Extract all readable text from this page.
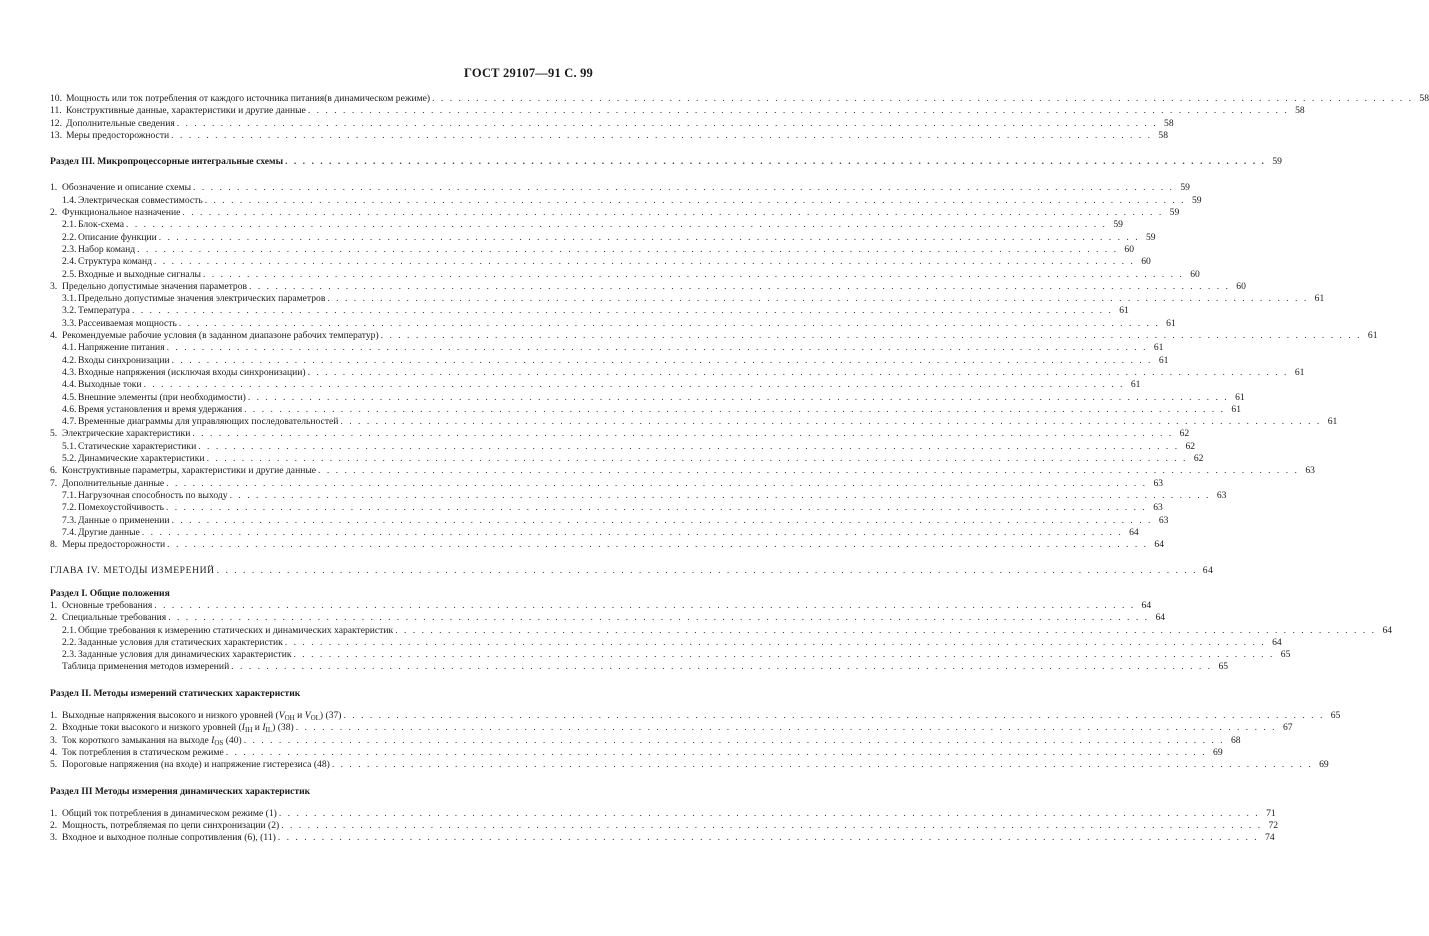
ГОСТ 29107—91 С. 99
10. Мощность или ток потребления от каждого источника питания(в динамическом режиме) . . .	58
11. Конструктивные данные, характеристики и другие данные . . .	58
12. Дополнительные сведения . . .	58
13. Меры предосторожности . . .	58
Раздел III. Микропроцессорные интегральные схемы . . .	59
1. Обозначение и описание схемы . . .	59
1.4. Электрическая совместимость . . .	59
2. Функциональное назначение . . .	59
2.1. Блок-схема . . .	59
2.2. Описание функции . . .	59
2.3. Набор команд . . .	60
2.4. Структура команд . . .	60
2.5. Входные и выходные сигналы . . .	60
3. Предельно допустимые значения параметров . . .	60
3.1. Предельно допустимые значения электрических параметров . . .	61
3.2. Температура . . .	61
3.3. Рассеиваемая мощность . . .	61
4. Рекомендуемые рабочие условия (в заданном диапазоне рабочих температур) . . .	61
4.1. Напряжение питания . . .	61
4.2. Входы синхронизации . . .	61
4.3. Входные напряжения (исключая входы синхронизации) . . .	61
4.4. Выходные токи . . .	61
4.5. Внешние элементы (при необходимости) . . .	61
4.6. Время установления и время удержания . . .	61
4.7. Временные диаграммы для управляющих последовательностей . . .	61
5. Электрические характеристики . . .	62
5.1. Статические характеристики . . .	62
5.2. Динамические характеристики . . .	62
6. Конструктивные параметры, характеристики и другие данные . . .	63
7. Дополнительные данные . . .	63
7.1. Нагрузочная способность по выходу . . .	63
7.2. Помехоустойчивость . . .	63
7.3. Данные о применении . . .	63
7.4. Другие данные . . .	64
8. Меры предосторожности . . .	64
ГЛАВА IV. МЕТОДЫ ИЗМЕРЕНИЙ . . .	64
Раздел I. Общие положения
1. Основные требования . . .	64
2. Специальные требования . . .	64
2.1. Общие требования к измерению статических и динамических характеристик . . .	64
2.2. Заданные условия для статических характеристик . . .	64
2.3. Заданные условия для динамических характеристик . . .	65
Таблица применения методов измерений . . .	65
Раздел II. Методы измерений статических характеристик
1. Выходные напряжения высокого и низкого уровней ($V_{OH}$ и $V_{OL}$) (37) . . .	65
2. Входные токи высокого и низкого уровней ($I_{IH}$ и $I_{IL}$) (38) . . .	67
3. Ток короткого замыкания на выходе $I_{OS}$ (40) . . .	68
4. Ток потребления в статическом режиме . . .	69
5. Пороговые напряжения (на входе) и напряжение гистерезиса (48) . . .	69
Раздел III Методы измерения динамических характеристик
1. Общий ток потребления в динамическом режиме (1) . . .	71
2. Мощность, потребляемая по цепи синхронизации (2) . . .	72
3. Входное и выходное полные сопротивления (6), (11) . . .	74
